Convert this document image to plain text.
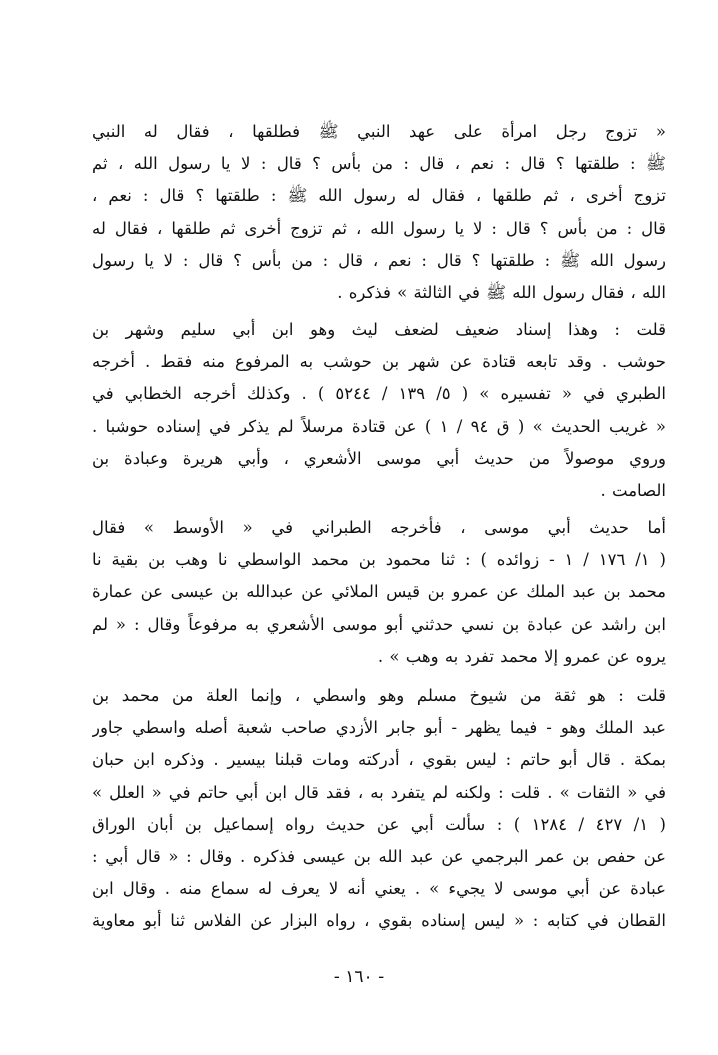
« تزوج رجل امرأة على عهد النبي ﷺ فطلقها ، فقال له النبي
ﷺ : طلقتها ؟ قال : نعم ، قال : من بأس ؟ قال : لا يا رسول الله ، ثم
تزوج أخرى ، ثم طلقها ، فقال له رسول الله ﷺ : طلقتها ؟ قال : نعم ،
قال : من بأس ؟ قال : لا يا رسول الله ، ثم تزوج أخرى ثم طلقها ، فقال له
رسول الله ﷺ : طلقتها ؟ قال : نعم ، قال : من بأس ؟ قال : لا يا رسول
الله ، فقال رسول الله ﷺ في الثالثة » فذكره .
قلت : وهذا إسناد ضعيف لضعف ليث وهو ابن أبي سليم وشهر بن
حوشب . وقد تابعه قتادة عن شهر بن حوشب به المرفوع منه فقط . أخرجه
الطبري في « تفسيره » ( ٥/ ١٣٩ / ٥٢٤٤ ) . وكذلك أخرجه الخطابي في
« غريب الحديث » ( ق ٩٤ / ١ ) عن قتادة مرسلاً لم يذكر في إسناده حوشبا .
وروي موصولاً من حديث أبي موسى الأشعري ، وأبي هريرة وعبادة بن
الصامت .
أما حديث أبي موسى ، فأخرجه الطبراني في « الأوسط » فقال
( ١/ ١٧٦ / ١ - زوائده ) : ثنا محمود بن محمد الواسطي نا وهب بن بقية نا
محمد بن عبد الملك عن عمرو بن قيس الملائي عن عبدالله بن عيسى عن عمارة
ابن راشد عن عبادة بن نسي حدثني أبو موسى الأشعري به مرفوعاً وقال : « لم
يروه عن عمرو إلا محمد تفرد به وهب » .
قلت : هو ثقة من شيوخ مسلم وهو واسطي ، وإنما العلة من محمد بن
عبد الملك وهو - فيما يظهر - أبو جابر الأزدي صاحب شعبة أصله واسطي جاور
بمكة . قال أبو حاتم : ليس بقوي ، أدركته ومات قبلنا بيسير . وذكره ابن حبان
في « الثقات » . قلت : ولكنه لم يتفرد به ، فقد قال ابن أبي حاتم في « العلل »
( ١/ ٤٢٧ / ١٢٨٤ ) : سألت أبي عن حديث رواه إسماعيل بن أبان الوراق
عن حفص بن عمر البرجمي عن عبد الله بن عيسى فذكره . وقال : « قال أبي :
عبادة عن أبي موسى لا يجيء » . يعني أنه لا يعرف له سماع منه . وقال ابن
القطان في كتابه : « ليس إسناده بقوي ، رواه البزار عن الفلاس ثنا أبو معاوية
- ١٦٠ -
